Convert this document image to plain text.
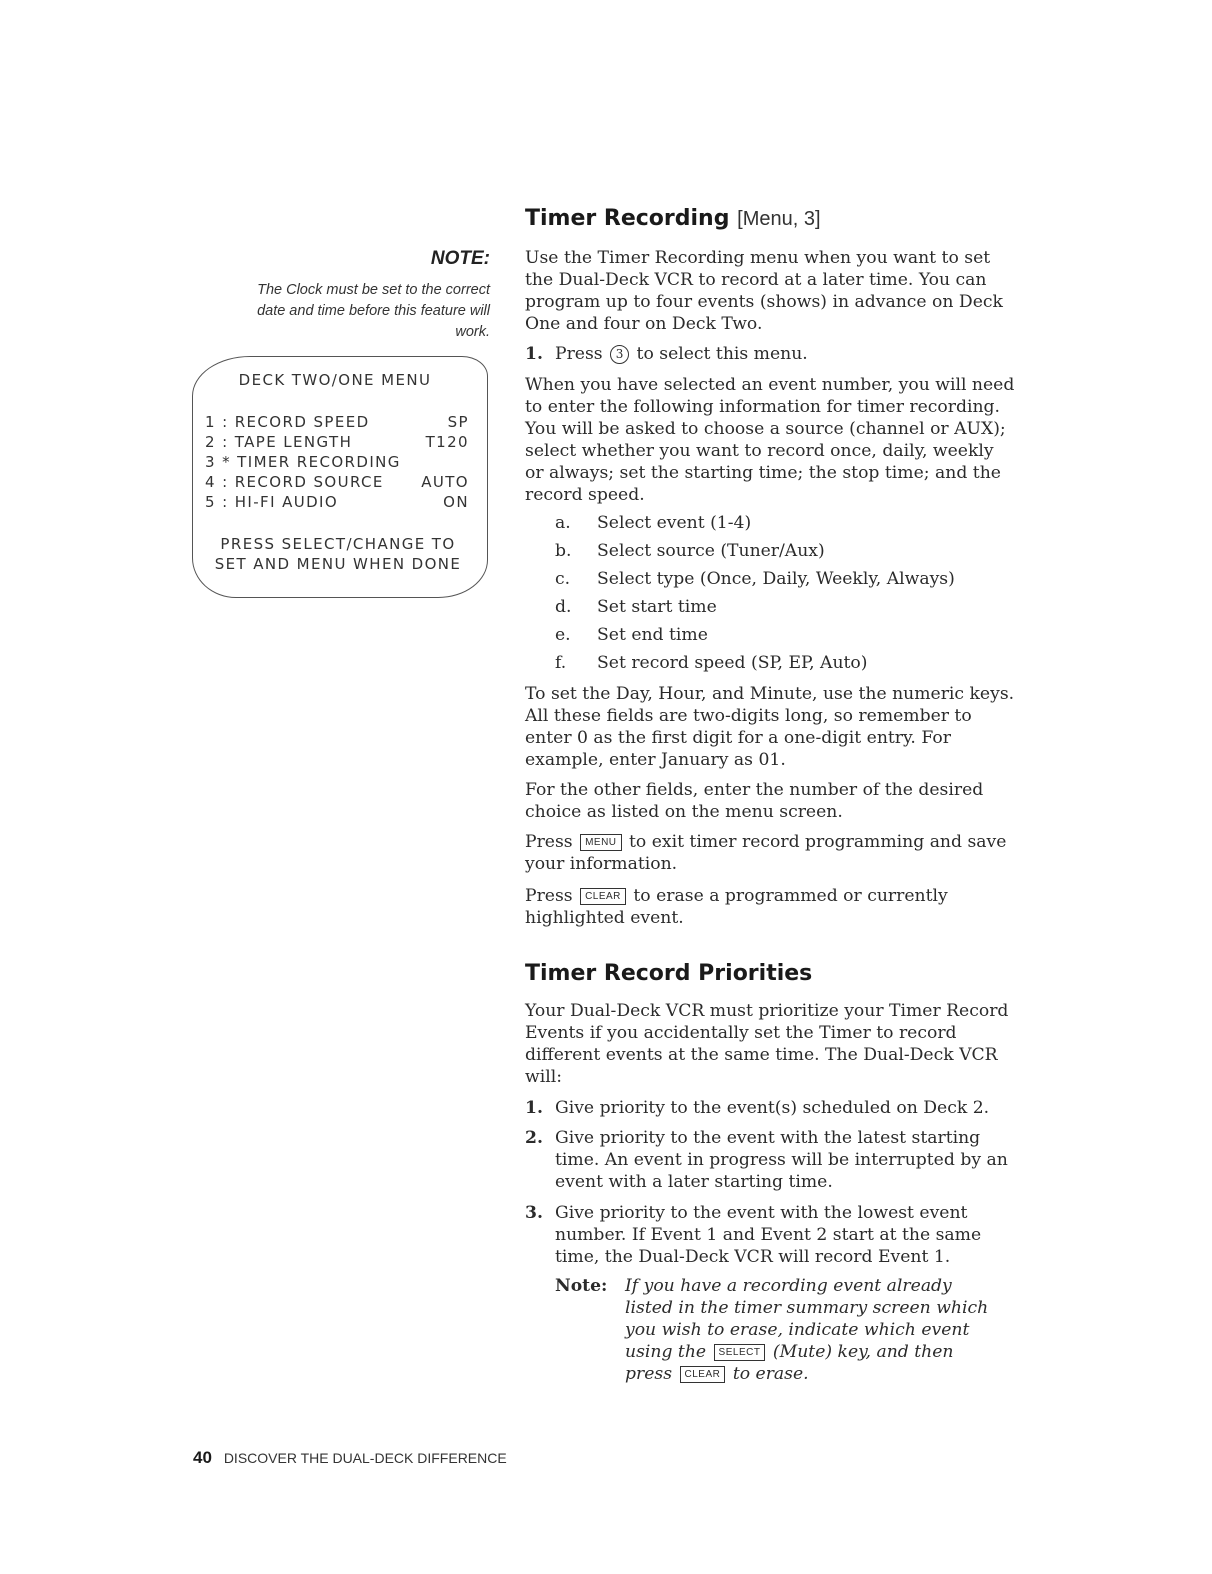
NOTE:
The Clock must be set to the correct date and time before this feature will work.
DECK TWO/ONE MENU
1 : RECORD SPEED	SP
2 : TAPE LENGTH	T120
3 * TIMER RECORDING
4 : RECORD SOURCE AUTO
5 : HI-FI AUDIO	ON
PRESS SELECT/CHANGE TO
SET AND MENU WHEN DONE
Timer Recording [Menu, 3]
Use the Timer Recording menu when you want to set the Dual-Deck VCR to record at a later time. You can program up to four events (shows) in advance on Deck One and four on Deck Two.
1. Press 3 to select this menu.
When you have selected an event number, you will need to enter the following information for timer recording. You will be asked to choose a source (channel or AUX); select whether you want to record once, daily, weekly or always; set the starting time; the stop time; and the record speed.
a. Select event (1-4)
b. Select source (Tuner/Aux)
c. Select type (Once, Daily, Weekly, Always)
d. Set start time
e. Set end time
f. Set record speed (SP, EP, Auto)
To set the Day, Hour, and Minute, use the numeric keys. All these fields are two-digits long, so remember to enter 0 as the first digit for a one-digit entry. For example, enter January as 01.
For the other fields, enter the number of the desired choice as listed on the menu screen.
Press MENU to exit timer record programming and save your information.
Press CLEAR to erase a programmed or currently highlighted event.
Timer Record Priorities
Your Dual-Deck VCR must prioritize your Timer Record Events if you accidentally set the Timer to record different events at the same time. The Dual-Deck VCR will:
1. Give priority to the event(s) scheduled on Deck 2.
2. Give priority to the event with the latest starting time. An event in progress will be interrupted by an event with a later starting time.
3. Give priority to the event with the lowest event number. If Event 1 and Event 2 start at the same time, the Dual-Deck VCR will record Event 1.
Note: If you have a recording event already listed in the timer summary screen which you wish to erase, indicate which event using the SELECT (Mute) key, and then press CLEAR to erase.
40 DISCOVER THE DUAL-DECK DIFFERENCE
